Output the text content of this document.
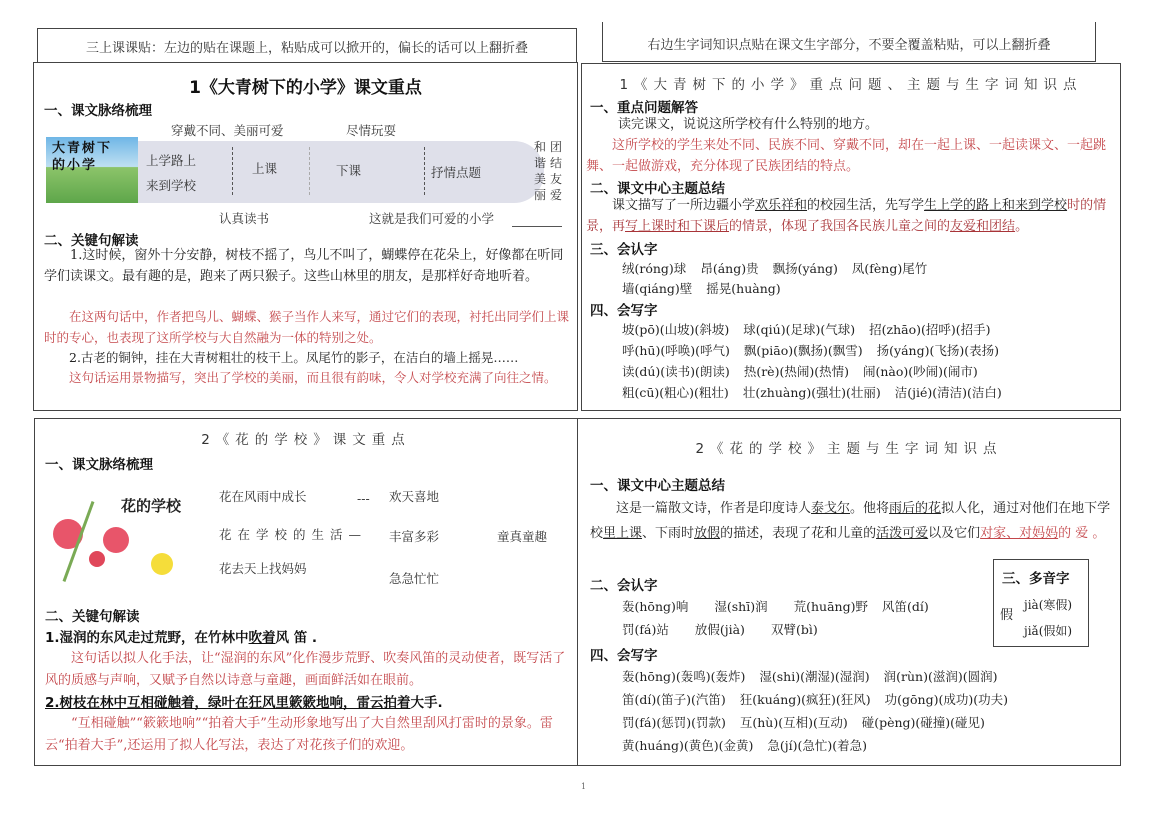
三上课课贴：左边的贴在课题上，粘贴成可以掀开的，偏长的话可以上翻折叠	右边生字词知识点贴在课文生字部分，不要全覆盖粘贴，可以上翻折叠
1《大青树下的小学》课文重点
一、课文脉络梳理
大青树下的小学
穿戴不同、美丽可爱	尽情玩耍
上学路上
来到学校
上课	下课	抒情点题
和谐美丽
团结友爱
认真读书	这就是我们可爱的小学
二、关键句解读
1.这时候，窗外十分安静，树枝不摇了，鸟儿不叫了，蝴蝶停在花朵上，好像都在听同学们读课文。最有趣的是，跑来了两只猴子。这些山林里的朋友，是那样好奇地听着。
在这两句话中，作者把鸟儿、蝴蝶、猴子当作人来写，通过它们的表现，衬托出同学们上课时的专心，也表现了这所学校与大自然融为一体的特别之处。
2.古老的铜钟，挂在大青树粗壮的枝干上。凤尾竹的影子，在洁白的墙上摇晃……
这句话运用景物描写，突出了学校的美丽，而且很有韵味，令人对学校充满了向往之情。
1《大青树下的小学》重点问题、主题与生字词知识点
一、重点问题解答
读完课文，说说这所学校有什么特别的地方。
这所学校的学生来处不同、民族不同、穿戴不同，却在一起上课、一起读课文、一起跳舞、一起做游戏，充分体现了民族团结的特点。
二、课文中心主题总结
课文描写了一所边疆小学欢乐祥和的校园生活，先写学生上学的路上和来到学校时的情景，再写上课时和下课后的情景，体现了我国各民族儿童之间的友爱和团结。
三、会认字
绒(róng)球 昂(áng)贵 飘扬(yáng) 凤(fèng)尾竹
墙(qiáng)壁 摇晃(huàng)
四、会写字
坡(pō)(山坡)(斜坡) 球(qiú)(足球)(气球) 招(zhāo)(招呼)(招手)
呼(hū)(呼唤)(呼气) 飘(piāo)(飘扬)(飘雪) 扬(yáng)(飞扬)(表扬)
读(dú)(读书)(朗读) 热(rè)(热闹)(热情) 闹(nào)(吵闹)(闹市)
粗(cū)(粗心)(粗壮) 壮(zhuàng)(强壮)(壮丽) 洁(jié)(清洁)(洁白)
2《花的学校》课文重点
一、课文脉络梳理
花的学校
花在风雨中成长	--- 欢天喜地
花在学校的生活— 丰富多彩	童真童趣
花去天上找妈妈
急急忙忙
二、关键句解读
1.湿润的东风走过荒野，在竹林中吹着风 笛 .
这句话以拟人化手法，让“湿润的东风”化作漫步荒野、吹奏风笛的灵动使者，既写活了风的质感与声响，又赋予自然以诗意与童趣，画面鲜活如在眼前。
2.树枝在林中互相碰触着，绿叶在狂风里簌簌地响，雷云拍着大手.
“互相碰触”“簌簌地响”“拍着大手”生动形象地写出了大自然里刮风打雷时的景象。雷云“拍着大手”,还运用了拟人化写法，表达了对花孩子们的欢迎。
2《花的学校》主题与生字词知识点
一、课文中心主题总结
这是一篇散文诗，作者是印度诗人泰戈尔。他将雨后的花拟人化，通过对他们在地下学校里上课、下雨时放假的描述，表现了花和儿童的活泼可爱以及它们对家、对妈妈的 爱 。
二、会认字
轰(hōng)响 湿(shī)润 荒(huāng)野 风笛(dí)
罚(fá)站 放假(jià) 双臂(bì)
三、多音字
假
jià(寒假)
jiǎ(假如)
四、会写字
轰(hōng)(轰鸣)(轰炸) 湿(shi)(潮湿)(湿润) 润(rùn)(滋润)(圆润)
笛(dí)(笛子)(汽笛) 狂(kuáng)(疯狂)(狂风) 功(gōng)(成功)(功夫)
罚(fá)(惩罚)(罚款) 互(hù)(互相)(互动) 碰(pèng)(碰撞)(碰见)
黄(huáng)(黄色)(金黄) 急(jí)(急忙)(着急)
1
